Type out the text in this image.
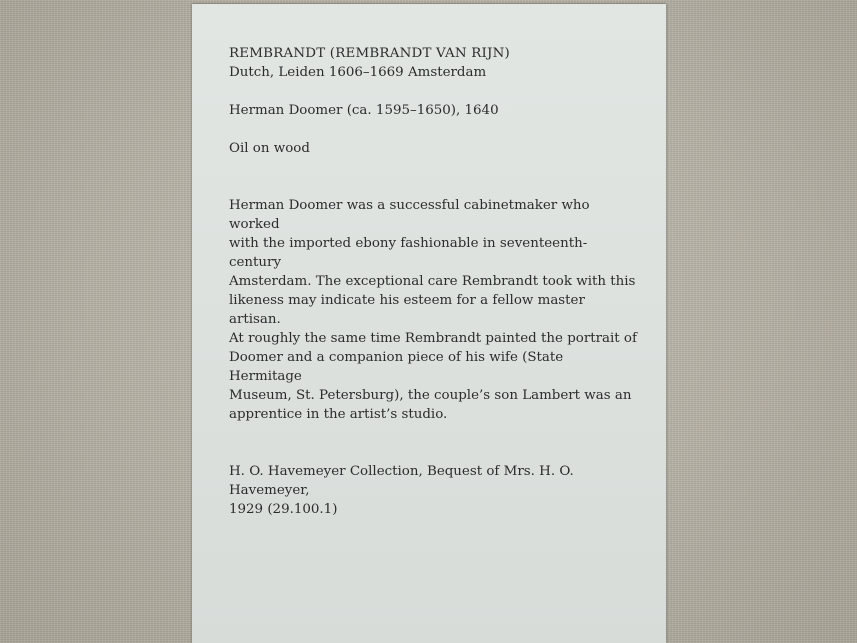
REMBRANDT (REMBRANDT VAN RIJN)
Dutch, Leiden 1606–1669 Amsterdam
Herman Doomer (ca. 1595–1650), 1640
Oil on wood
Herman Doomer was a successful cabinetmaker who worked
with the imported ebony fashionable in seventeenth-century
Amsterdam. The exceptional care Rembrandt took with this
likeness may indicate his esteem for a fellow master artisan.
At roughly the same time Rembrandt painted the portrait of
Doomer and a companion piece of his wife (State Hermitage
Museum, St. Petersburg), the couple’s son Lambert was an
apprentice in the artist’s studio.
H. O. Havemeyer Collection, Bequest of Mrs. H. O. Havemeyer,
1929 (29.100.1)
